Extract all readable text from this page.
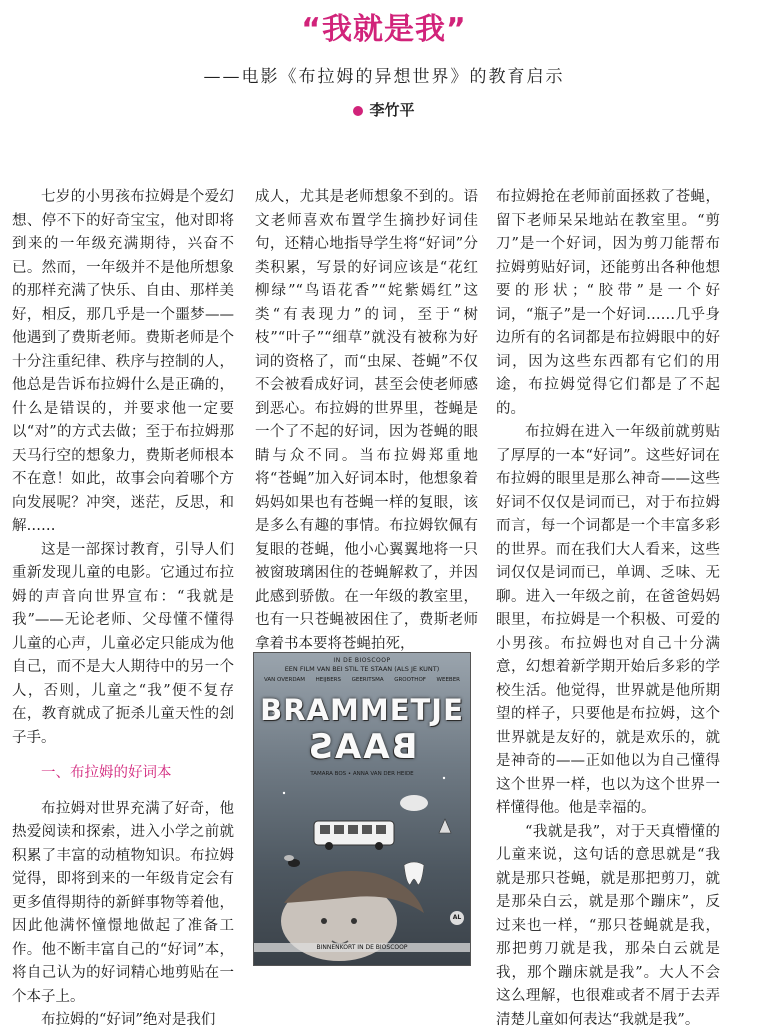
“我就是我”
——电影《布拉姆的异想世界》的教育启示
李竹平

七岁的小男孩布拉姆是个爱幻想、停不下的好奇宝宝，他对即将到来的一年级充满期待，兴奋不已。然而，一年级并不是他所想象的那样充满了快乐、自由、那样美好，相反，那几乎是一个噩梦——他遇到了费斯老师。费斯老师是个十分注重纪律、秩序与控制的人，他总是告诉布拉姆什么是正确的，什么是错误的，并要求他一定要以“对”的方式去做；至于布拉姆那天马行空的想象力，费斯老师根本不在意！如此，故事会向着哪个方向发展呢？冲突，迷茫，反思，和解……

这是一部探讨教育，引导人们重新发现儿童的电影。它通过布拉姆的声音向世界宣布：“我就是我”——无论老师、父母懂不懂得儿童的心声，儿童必定只能成为他自己，而不是大人期待中的另一个人，否则，儿童之“我”便不复存在，教育就成了扼杀儿童天性的刽子手。

一、布拉姆的好词本

布拉姆对世界充满了好奇，他热爱阅读和探索，进入小学之前就积累了丰富的动植物知识。布拉姆觉得，即将到来的一年级肯定会有更多值得期待的新鲜事物等着他，因此他满怀憧憬地做起了准备工作。他不断丰富自己的“好词”本，将自己认为的好词精心地剪贴在一个本子上。

布拉姆的“好词”绝对是我们

成人，尤其是老师想象不到的。语文老师喜欢布置学生摘抄好词佳句，还精心地指导学生将“好词”分类积累，写景的好词应该是“花红柳绿”“鸟语花香”“姹紫嫣红”这类“有表现力”的词，至于“树枝”“叶子”“细草”就没有被称为好词的资格了，而“虫屎、苍蝇”不仅不会被看成好词，甚至会使老师感到恶心。布拉姆的世界里，苍蝇是一个了不起的好词，因为苍蝇的眼睛与众不同。当布拉姆郑重地将“苍蝇”加入好词本时，他想象着妈妈如果也有苍蝇一样的复眼，该是多么有趣的事情。布拉姆钦佩有复眼的苍蝇，他小心翼翼地将一只被窗玻璃困住的苍蝇解救了，并因此感到骄傲。在一年级的教室里，也有一只苍蝇被困住了，费斯老师拿着书本要将苍蝇拍死，

布拉姆抢在老师前面拯救了苍蝇，留下老师呆呆地站在教室里。“剪刀”是一个好词，因为剪刀能帮布拉姆剪贴好词，还能剪出各种他想要的形状；“胶带”是一个好词，“瓶子”是一个好词……几乎身边所有的名词都是布拉姆眼中的好词，因为这些东西都有它们的用途，布拉姆觉得它们都是了不起的。

布拉姆在进入一年级前就剪贴了厚厚的一本“好词”。这些好词在布拉姆的眼里是那么神奇——这些好词不仅仅是词而已，对于布拉姆而言，每一个词都是一个丰富多彩的世界。而在我们大人看来，这些词仅仅是词而已，单调、乏味、无聊。进入一年级之前，在爸爸妈妈眼里，布拉姆是一个积极、可爱的小男孩。布拉姆也对自己十分满意，幻想着新学期开始后多彩的学校生活。他觉得，世界就是他所期望的样子，只要他是布拉姆，这个世界就是友好的，就是欢乐的，就是神奇的——正如他以为自己懂得这个世界一样，也以为这个世界一样懂得他。他是幸福的。

“我就是我”，对于天真懵懂的儿童来说，这句话的意思就是“我就是那只苍蝇，就是那把剪刀，就是那朵白云，就是那个蹦床”，反过来也一样，“那只苍蝇就是我，那把剪刀就是我，那朵白云就是我，那个蹦床就是我”。大人不会这么理解，也很难或者不屑于去弄清楚儿童如何表达“我就是我”。

IN DE BIOSCOOP
EEN FILM VAN BEI STIL TE STAAN (ALS JE KUNT)
VAN OVERDAM HEIJBERS GEERITSMA GROOTHOF WEEBER
BRAMMETJE
BAAS
TAMARA BOS • ANNA VAN DER HEIDE
AL
BINNENKORT IN DE BIOSCOOP
